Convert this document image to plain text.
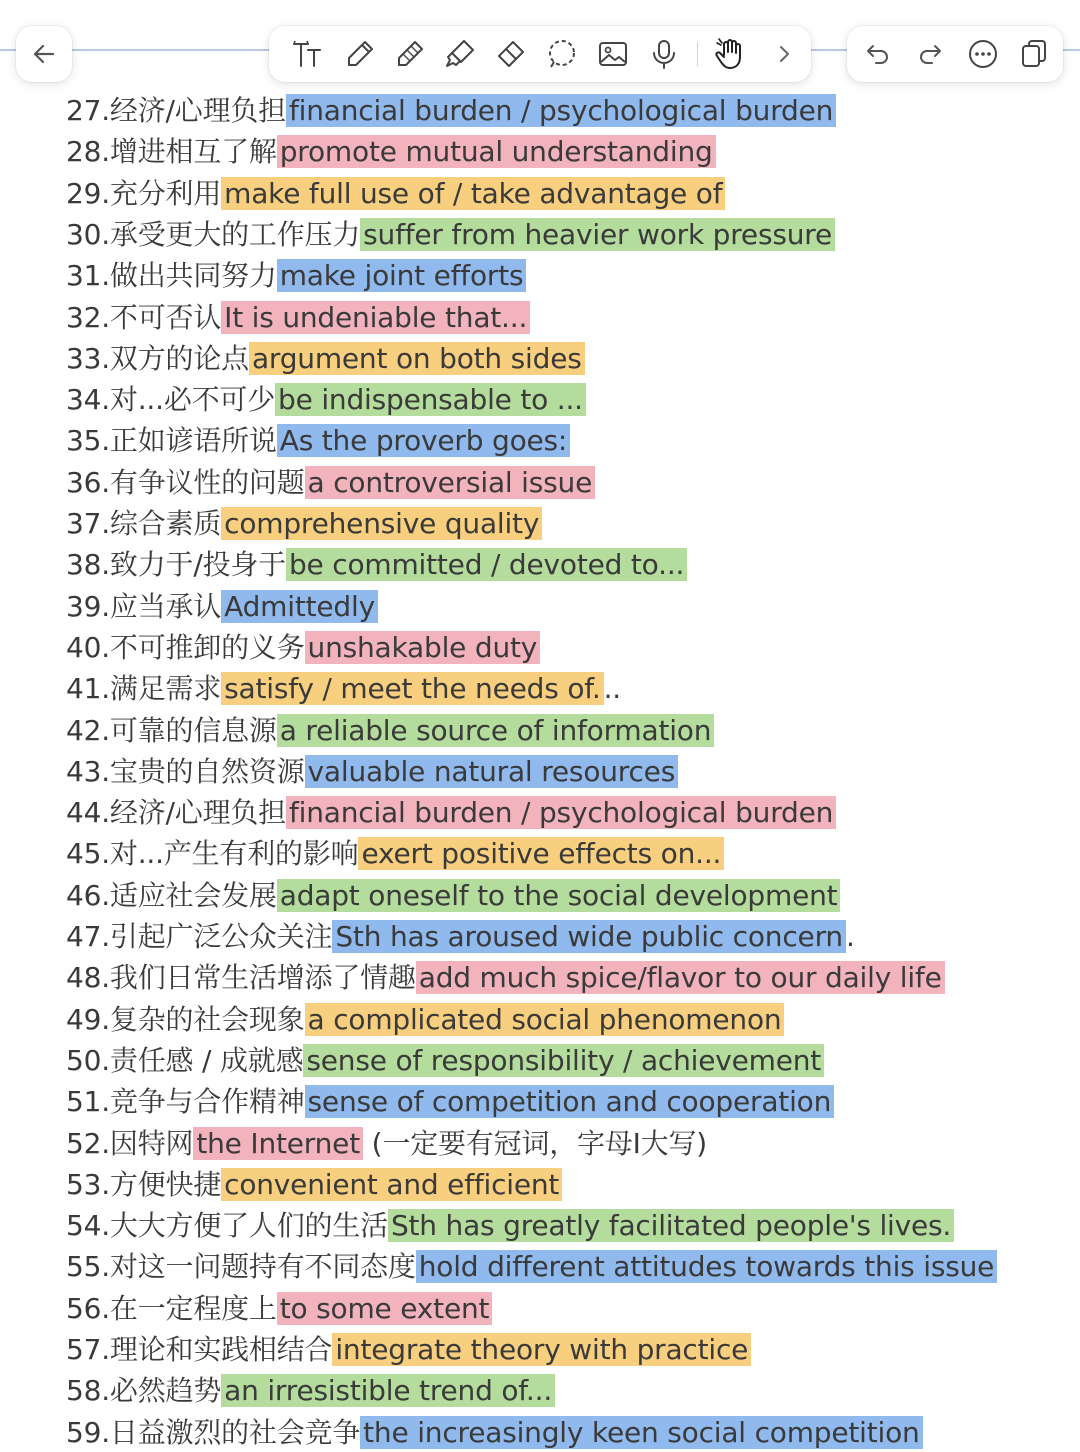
27.经济/心理负担 financial burden / psychological burden
28.增进相互了解 promote mutual understanding
29.充分利用 make full use of / take advantage of
30.承受更大的工作压力 suffer from heavier work pressure
31.做出共同努力 make joint efforts
32.不可否认 It is undeniable that...
33.双方的论点 argument on both sides
34.对...必不可少 be indispensable to ...
35.正如谚语所说 As the proverb goes:
36.有争议性的问题 a controversial issue
37.综合素质 comprehensive quality
38.致力于/投身于 be committed / devoted to...
39.应当承认 Admittedly
40.不可推卸的义务 unshakable duty
41.满足需求 satisfy / meet the needs of. ..
42.可靠的信息源 a reliable source of information
43.宝贵的自然资源 valuable natural resources
44.经济/心理负担 financial burden / psychological burden
45.对...产生有利的影响 exert positive effects on...
46.适应社会发展 adapt oneself to the social development
47.引起广泛公众关注 Sth has aroused wide public concern .
48.我们日常生活增添了情趣 add much spice/flavor to our daily life
49.复杂的社会现象 a complicated social phenomenon
50.责任感 / 成就感 sense of responsibility / achievement
51.竞争与合作精神 sense of competition and cooperation
52.因特网 the Internet (一定要有冠词，字母I大写)
53.方便快捷 convenient and efficient
54.大大方便了人们的生活 Sth has greatly facilitated people's lives.
55.对这一问题持有不同态度 hold different attitudes towards this issue
56.在一定程度上 to some extent
57.理论和实践相结合 integrate theory with practice
58.必然趋势 an irresistible trend of...
59.日益激烈的社会竞争 the increasingly keen social competition
